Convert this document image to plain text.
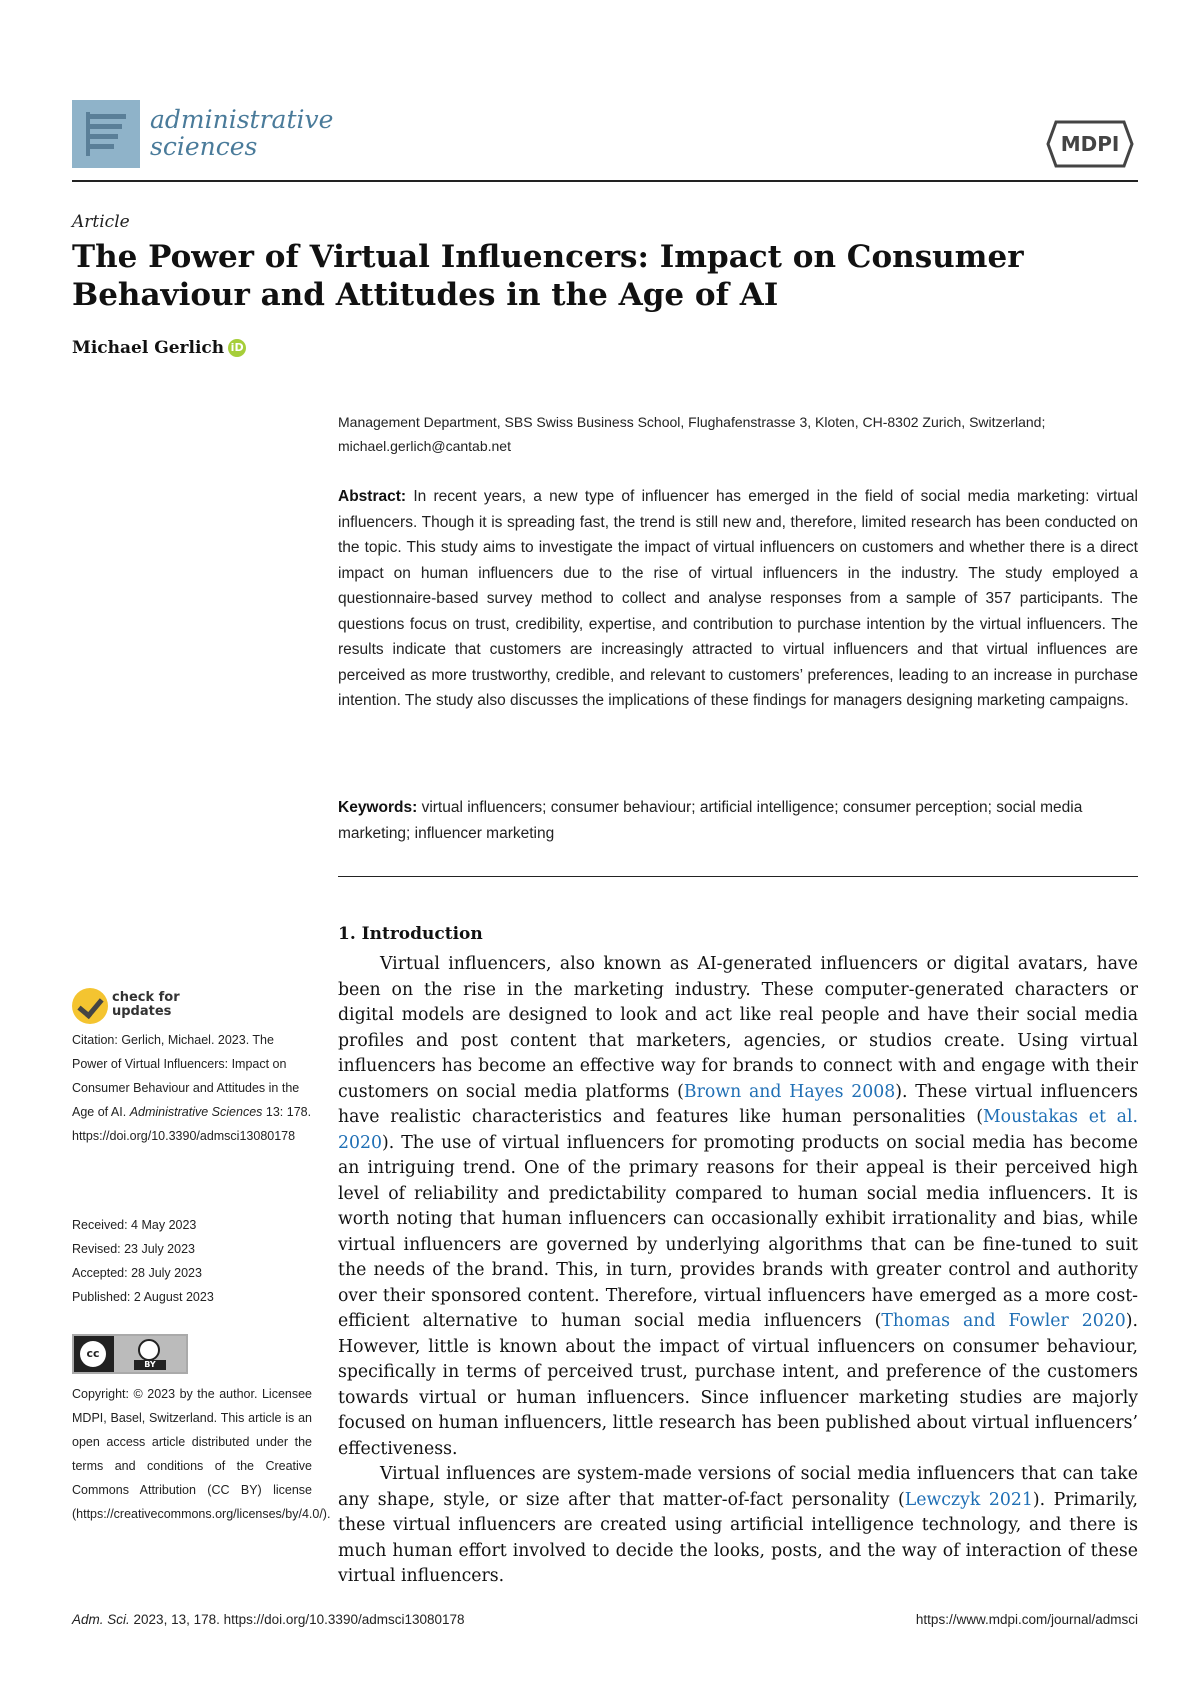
administrative
sciences	MDPI
Article
The Power of Virtual Influencers: Impact on Consumer Behaviour and Attitudes in the Age of AI
Michael Gerlich iD
Management Department, SBS Swiss Business School, Flughafenstrasse 3, Kloten, CH-8302 Zurich, Switzerland;
michael.gerlich@cantab.net
Abstract: In recent years, a new type of influencer has emerged in the field of social media marketing: virtual influencers. Though it is spreading fast, the trend is still new and, therefore, limited research has been conducted on the topic. This study aims to investigate the impact of virtual influencers on customers and whether there is a direct impact on human influencers due to the rise of virtual influencers in the industry. The study employed a questionnaire-based survey method to collect and analyse responses from a sample of 357 participants. The questions focus on trust, credibility, expertise, and contribution to purchase intention by the virtual influencers. The results indicate that customers are increasingly attracted to virtual influencers and that virtual influences are perceived as more trustworthy, credible, and relevant to customers’ preferences, leading to an increase in purchase intention. The study also discusses the implications of these findings for managers designing marketing campaigns.
Keywords: virtual influencers; consumer behaviour; artificial intelligence; consumer perception; social media marketing; influencer marketing
1. Introduction

Virtual influencers, also known as AI-generated influencers or digital avatars, have been on the rise in the marketing industry. These computer-generated characters or digital models are designed to look and act like real people and have their social media profiles and post content that marketers, agencies, or studios create. Using virtual influencers has become an effective way for brands to connect with and engage with their customers on social media platforms (Brown and Hayes 2008). These virtual influencers have realistic characteristics and features like human personalities (Moustakas et al. 2020). The use of virtual influencers for promoting products on social media has become an intriguing trend. One of the primary reasons for their appeal is their perceived high level of reliability and predictability compared to human social media influencers. It is worth noting that human influencers can occasionally exhibit irrationality and bias, while virtual influencers are governed by underlying algorithms that can be fine-tuned to suit the needs of the brand. This, in turn, provides brands with greater control and authority over their sponsored content. Therefore, virtual influencers have emerged as a more cost-efficient alternative to human social media influencers (Thomas and Fowler 2020). However, little is known about the impact of virtual influencers on consumer behaviour, specifically in terms of perceived trust, purchase intent, and preference of the customers towards virtual or human influencers. Since influencer marketing studies are majorly focused on human influencers, little research has been published about virtual influencers’ effectiveness.

Virtual influences are system-made versions of social media influencers that can take any shape, style, or size after that matter-of-fact personality (Lewczyk 2021). Primarily, these virtual influencers are created using artificial intelligence technology, and there is much human effort involved to decide the looks, posts, and the way of interaction of these virtual influencers.

check for
updates
Citation: Gerlich, Michael. 2023. The Power of Virtual Influencers: Impact on Consumer Behaviour and Attitudes in the Age of AI. Administrative Sciences 13: 178. https://doi.org/10.3390/admsci13080178
Received: 4 May 2023
Revised: 23 July 2023
Accepted: 28 July 2023
Published: 2 August 2023
cc
BY
Copyright: © 2023 by the author. Licensee MDPI, Basel, Switzerland. This article is an open access article distributed under the terms and conditions of the Creative Commons Attribution (CC BY) license (https://creativecommons.org/licenses/by/4.0/).
Adm. Sci. 2023, 13, 178. https://doi.org/10.3390/admsci13080178	https://www.mdpi.com/journal/admsci
